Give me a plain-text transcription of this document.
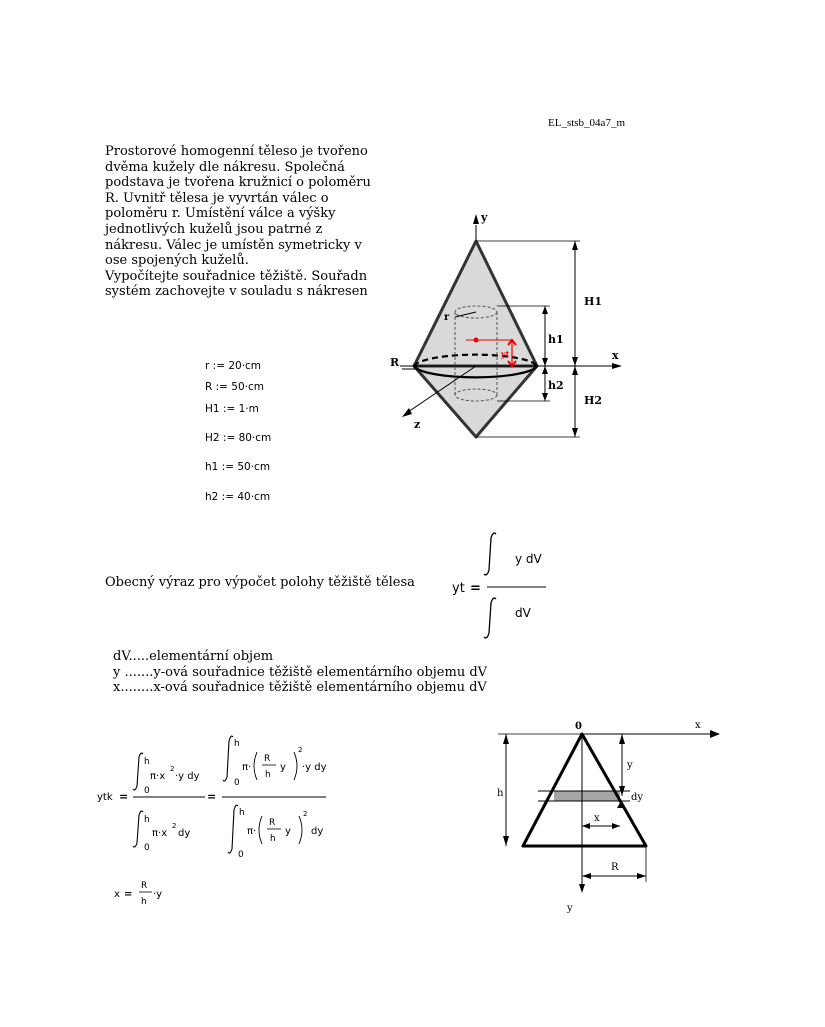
EL_stsb_04a7_m

Prostorové homogenní těleso je tvořeno

dvěma kužely dle nákresu. Společná

podstava je tvořena kružnicí o poloměru

R. Uvnitř tělesa je vyvrtán válec o

poloměru r. Umístění válce a výšky

jednotlivých kuželů jsou patrné z

nákresu. Válec je umístěn symetricky v

ose spojených kuželů.

Vypočítejte souřadnice těžiště. Souřadn

systém zachovejte v souladu s nákresen

r := 20·cm
R := 50·cm
H1 := 1·m
H2 := 80·cm
h1 := 50·cm
h2 := 40·cm
y
r
x
z
R
yt
H1
H2
h1
h2
Obecný výraz pro výpočet polohy těžiště tělesa	yt =
y dV
dV
dV.....elementární objem
y .......y-ová souřadnice těžiště elementárního objemu dV
x........x-ová souřadnice těžiště elementárního objemu dV
ytk =
h
0
π·x
2
·y dy
h
0
π·x
2
dy
=
h
0
π·
R
h
y
2
·y dy
h
0
π·
R
h
y
2
dy
x =
R
h
·y
x
0
y
h
y
dy
x
R
